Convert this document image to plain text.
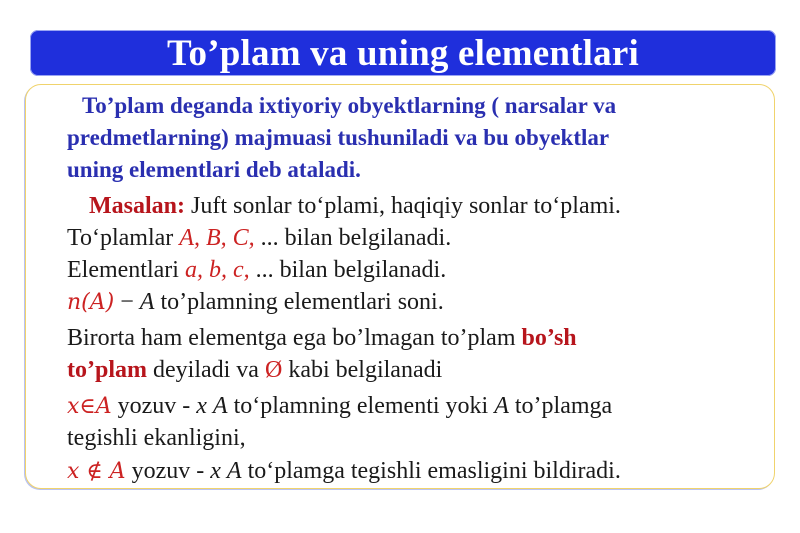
To’plam va uning elementlari
To’plam deganda ixtiyoriy obyektlarning ( narsalar va
predmetlarning) majmuasi tushuniladi va bu obyektlar
uning elementlari deb ataladi.
Masalan: Juft sonlar to‘plami, haqiqiy sonlar to‘plami.
To‘plamlar A, B, C, ... bilan belgilanadi.
Elementlari a, b, c, ... bilan belgilanadi.
n(A) − A to’plamning elementlari soni.
Birorta ham elementga ega bo’lmagan to’plam bo’sh
to’plam deyiladi va Ø kabi belgilanadi
x∈A yozuv - x A to‘plamning elementi yoki A to’plamga
tegishli ekanligini,
x ∉ A yozuv - x A to‘plamga tegishli emasligini bildiradi.
